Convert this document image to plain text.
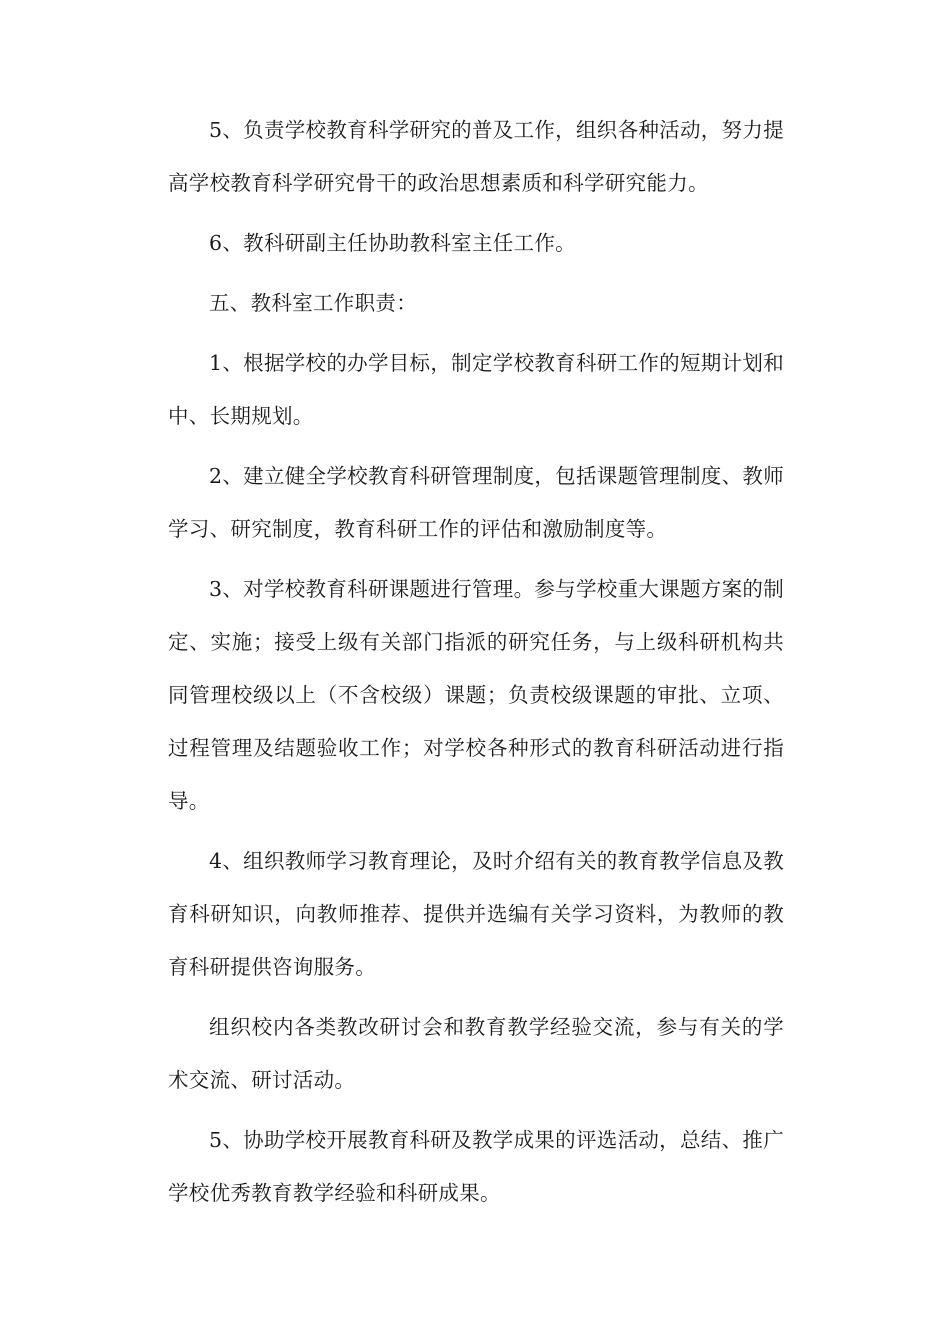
5、负责学校教育科学研究的普及工作，组织各种活动，努力提高学校教育科学研究骨干的政治思想素质和科学研究能力。

6、教科研副主任协助教科室主任工作。

五、教科室工作职责：

1、根据学校的办学目标，制定学校教育科研工作的短期计划和中、长期规划。

2、建立健全学校教育科研管理制度，包括课题管理制度、教师学习、研究制度，教育科研工作的评估和激励制度等。

3、对学校教育科研课题进行管理。参与学校重大课题方案的制定、实施；接受上级有关部门指派的研究任务，与上级科研机构共同管理校级以上（不含校级）课题；负责校级课题的审批、立项、过程管理及结题验收工作；对学校各种形式的教育科研活动进行指导。

4、组织教师学习教育理论，及时介绍有关的教育教学信息及教育科研知识，向教师推荐、提供并选编有关学习资料，为教师的教育科研提供咨询服务。

组织校内各类教改研讨会和教育教学经验交流，参与有关的学术交流、研讨活动。

5、协助学校开展教育科研及教学成果的评选活动，总结、推广学校优秀教育教学经验和科研成果。
